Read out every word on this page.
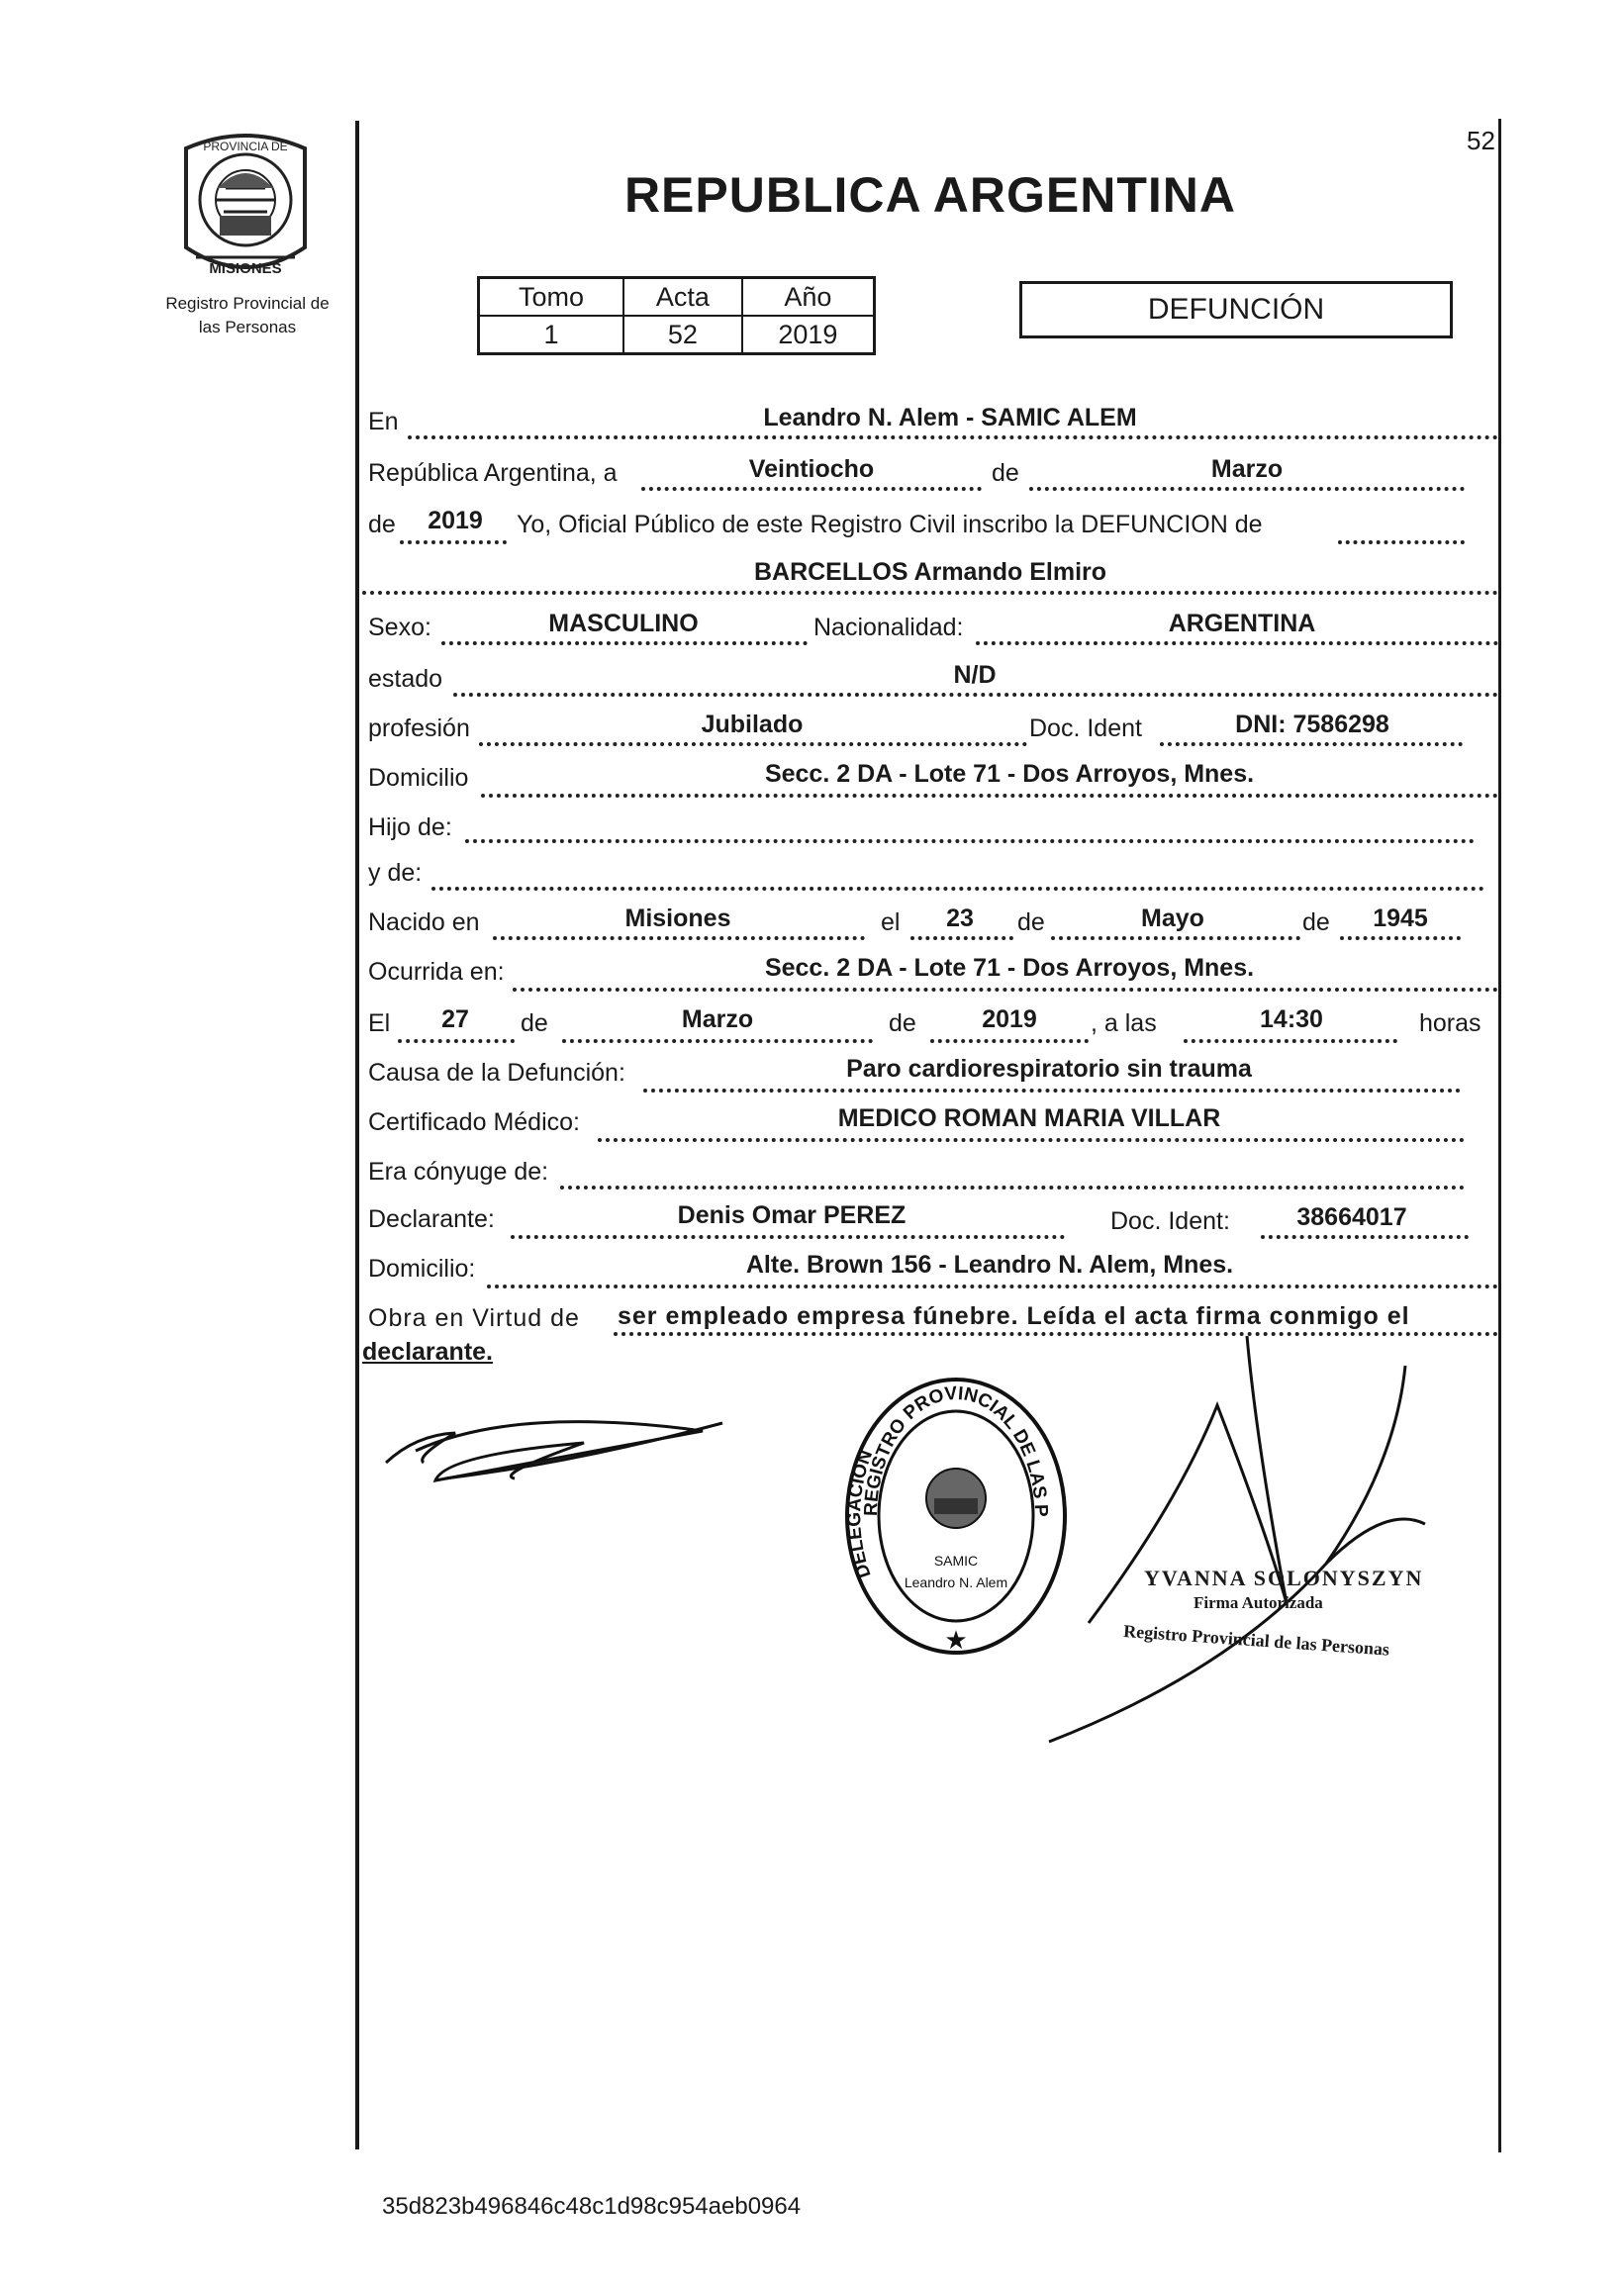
PROVINCIA DE
MISIONES
Registro Provincial de
las Personas
52
REPUBLICA ARGENTINA
Tomo	Acta	Año
1	52	2019
DEFUNCIÓN
En	Leandro N. Alem - SAMIC ALEM
República Argentina, a	Veintiocho	de	Marzo
de	2019	Yo, Oficial Público de este Registro Civil inscribo la DEFUNCION de
BARCELLOS Armando Elmiro
Sexo:	MASCULINO	Nacionalidad:	ARGENTINA
estado	N/D
profesión	Jubilado	Doc. Ident	DNI: 7586298
Domicilio	Secc. 2 DA - Lote 71 - Dos Arroyos, Mnes.
Hijo de:
y de:
Nacido en	Misiones	el	23	de	Mayo	de	1945
Ocurrida en:	Secc. 2 DA - Lote 71 - Dos Arroyos, Mnes.
El	27	de	Marzo	de	2019	, a las	14:30	horas
Causa de la Defunción:	Paro cardiorespiratorio sin trauma
Certificado Médico:	MEDICO ROMAN MARIA VILLAR
Era cónyuge de:
Declarante:	Denis Omar PEREZ	Doc. Ident:	38664017
Domicilio:	Alte. Brown 156 - Leandro N. Alem, Mnes.
Obra en Virtud de ser empleado empresa fúnebre. Leída el acta firma conmigo el
declarante.
REGISTRO PROVINCIAL DE LAS P
DELEGACION
SAMIC
Leandro N. Alem
★
YVANNA SOLONYSZYN
Firma Autorizada
Registro Provincial de las Personas
35d823b496846c48c1d98c954aeb0964
